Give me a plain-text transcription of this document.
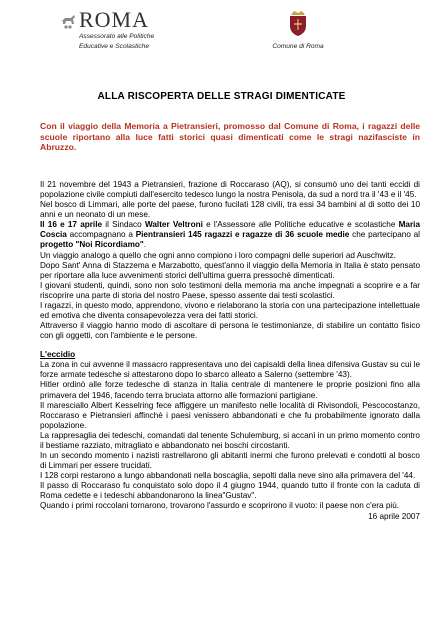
ROMA
Assessorato alle Politiche
Educative e Scolastiche	Comune di Roma
ALLA RISCOPERTA DELLE STRAGI DIMENTICATE
Con il viaggio della Memoria a Pietransieri, promosso dal Comune di Roma, i ragazzi delle scuole riportano alla luce fatti storici quasi dimenticati come le stragi nazifasciste in Abruzzo.

Il 21 novembre del 1943 a Pietransieri, frazione di Roccaraso (AQ), si consumò uno dei tanti eccidi di popolazione civile compiuti dall'esercito tedesco lungo la nostra Penisola, da sud a nord tra il '43 e il '45.

Nel bosco di Limmari, alle porte del paese, furono fucilati 128 civili, tra essi 34 bambini al di sotto dei 10 anni e un neonato di un mese.

Il 16 e 17 aprile il Sindaco Walter Veltroni e l'Assessore alle Politiche educative e scolastiche Maria Coscia accompagnano a Pientransieri 145 ragazzi e ragazze di 36 scuole medie che partecipano al progetto "Noi Ricordiamo".

Un viaggio analogo a quello che ogni anno compiono i loro compagni delle superiori ad Auschwitz.

Dopo Sant' Anna di Stazzema e Marzabotto, quest'anno il viaggio della Memoria in Italia è stato pensato per riportare alla luce avvenimenti storici dell'ultima guerra pressoché dimenticati.

I giovani studenti, quindi, sono non solo testimoni della memoria ma anche impegnati a scoprire e a far riscoprire una parte di storia del nostro Paese, spesso assente dai testi scolastici.

I ragazzi, in questo modo, apprendono, vivono e rielaborano la storia con una partecipazione intellettuale ed emotiva che diventa consapevolezza vera dei fatti storici.

Attraverso il viaggio hanno modo di ascoltare di persona le testimonianze, di stabilire un contatto fisico con gli oggetti, con l'ambiente e le persone.

L'eccidio

La zona in cui avvenne il massacro rappresentava uno dei capisaldi della linea difensiva Gustav su cui le forze armate tedesche si attestarono dopo lo sbarco alleato a Salerno (settembre '43).

Hitler ordinò alle forze tedesche di stanza in Italia centrale di mantenere le proprie posizioni fino alla primavera del 1946, facendo terra bruciata attorno alle formazioni partigiane.

Il maresciallo Albert Kesselring fece affiggere un manifesto nelle località di Rivisondoli, Pescocostanzo, Roccaraso e Pietransieri affinchè i paesi venissero abbandonati e che fu probabilmente ignorato dalla popolazione.

La rappresaglia dei tedeschi, comandati dal tenente Schulemburg, si accanì in un primo momento contro il bestiame razziato, mitragliato e abbandonato nei boschi circostanti.

In un secondo momento i nazisti rastrellarono gli abitanti inermi che furono prelevati e condotti al bosco di Limmari per essere trucidati.

I 128 corpi restarono a lungo abbandonati nella boscaglia, sepolti dalla neve sino alla primavera del '44.

Il passo di Roccaraso fu conquistato solo dopo il 4 giugno 1944, quando tutto il fronte con la caduta di Roma cedette e i tedeschi abbandonarono la linea"Gustav".

Quando i primi roccolani tornarono, trovarono l'assurdo e scoprirono il vuoto: il paese non c'era più.

16 aprile 2007
